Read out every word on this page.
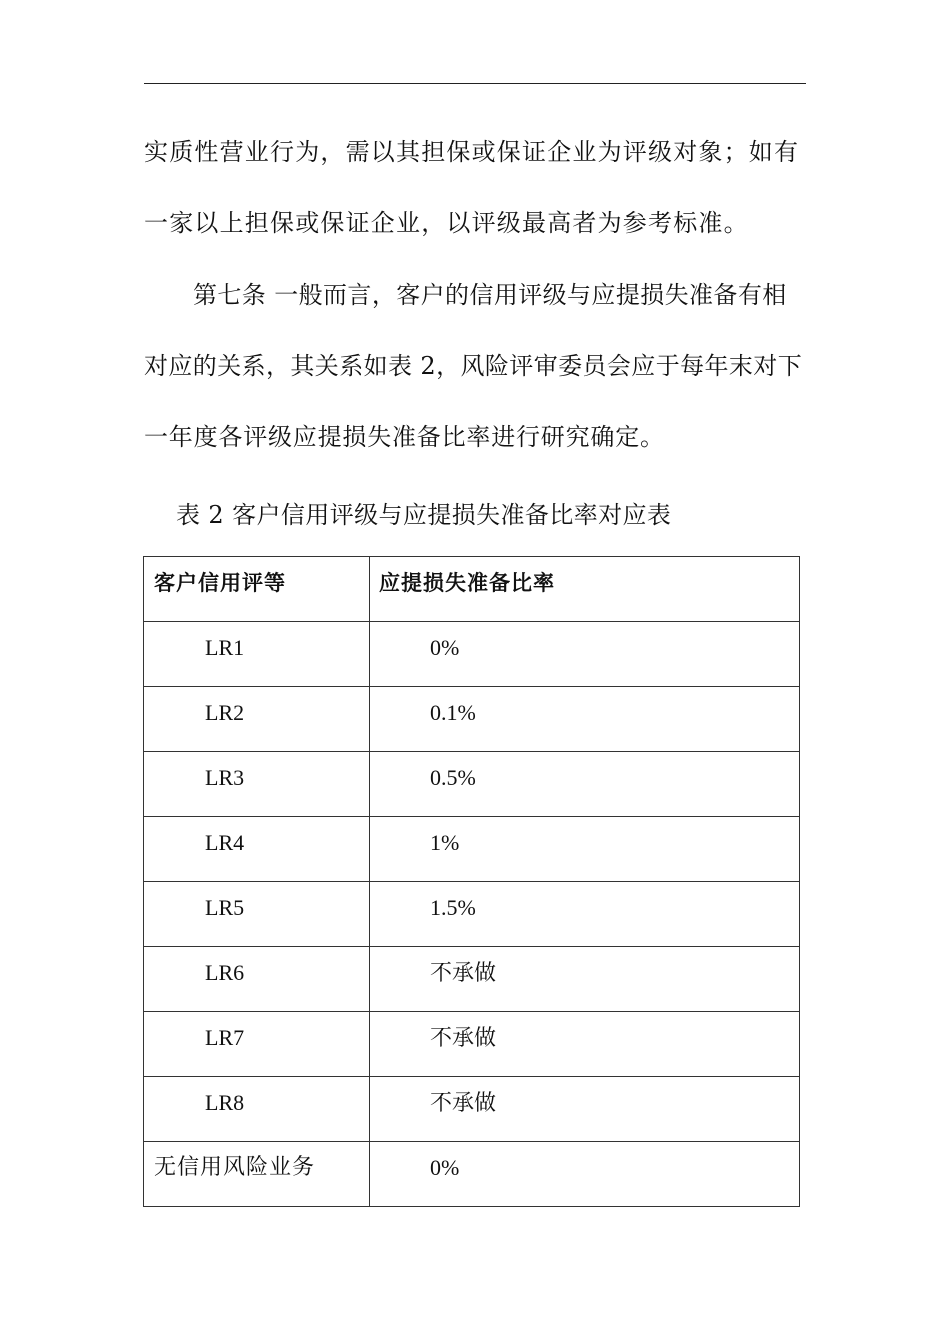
实质性营业行为，需以其担保或保证企业为评级对象；如有
一家以上担保或保证企业，以评级最高者为参考标准。
第七条 一般而言，客户的信用评级与应提损失准备有相
对应的关系，其关系如表 2，风险评审委员会应于每年末对下
一年度各评级应提损失准备比率进行研究确定。
表 2 客户信用评级与应提损失准备比率对应表
客户信用评等	应提损失准备比率

LR1	0%

LR2	0.1%

LR3	0.5%

LR4	1%

LR5	1.5%

LR6	不承做

LR7	不承做

LR8	不承做

无信用风险业务	0%
